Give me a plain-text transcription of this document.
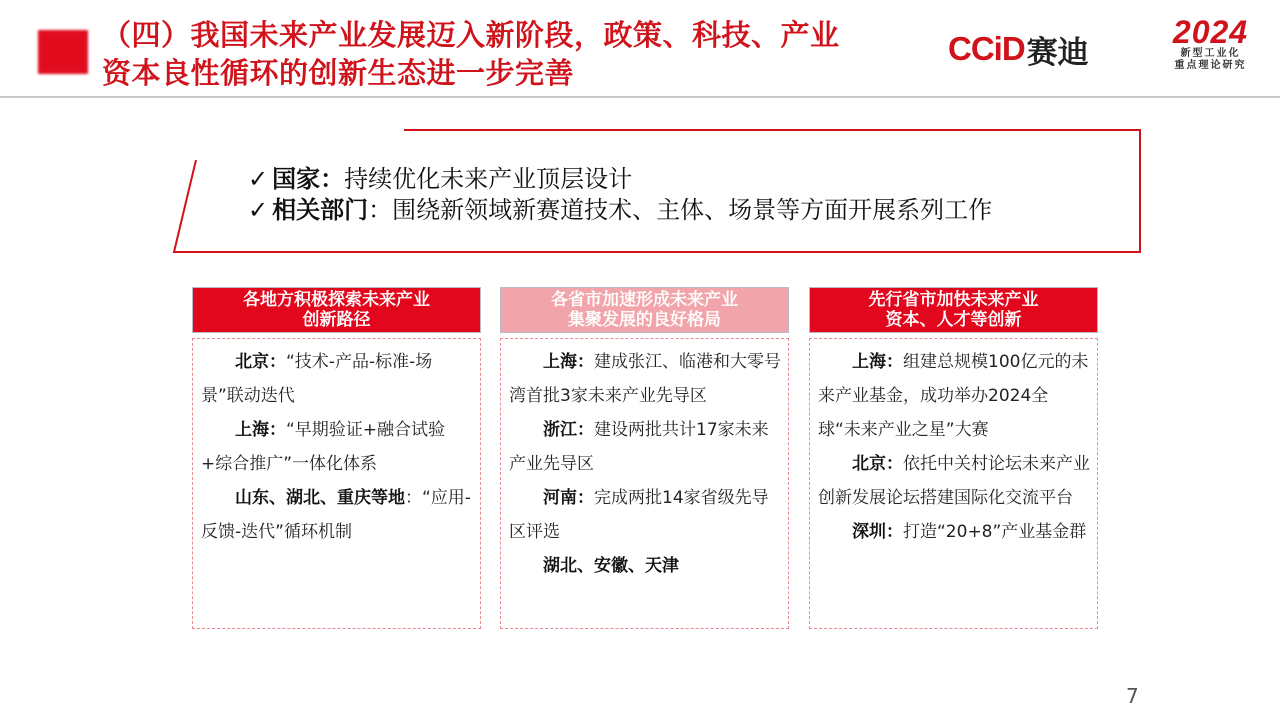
（四）我国未来产业发展迈入新阶段，政策、科技、产业
资本良性循环的创新生态进一步完善
CCiD 赛迪
2024
新型工业化
重点理论研究
✓ 国家：持续优化未来产业顶层设计
✓ 相关部门：围绕新领域新赛道技术、主体、场景等方面开展系列工作
各地方积极探索未来产业
创新路径

北京：“技术-产品-标准-场景”联动迭代

上海：“早期验证+融合试验+综合推广”一体化体系

山东、湖北、重庆等地：“应用-反馈-迭代”循环机制

各省市加速形成未来产业
集聚发展的良好格局

上海：建成张江、临港和大零号湾首批3家未来产业先导区

浙江：建设两批共计17家未来产业先导区

河南：完成两批14家省级先导区评选

湖北、安徽、天津

先行省市加快未来产业
资本、人才等创新

上海：组建总规模100亿元的未来产业基金，成功举办2024全球“未来产业之星”大赛

北京：依托中关村论坛未来产业创新发展论坛搭建国际化交流平台

深圳：打造“20+8”产业基金群

7
